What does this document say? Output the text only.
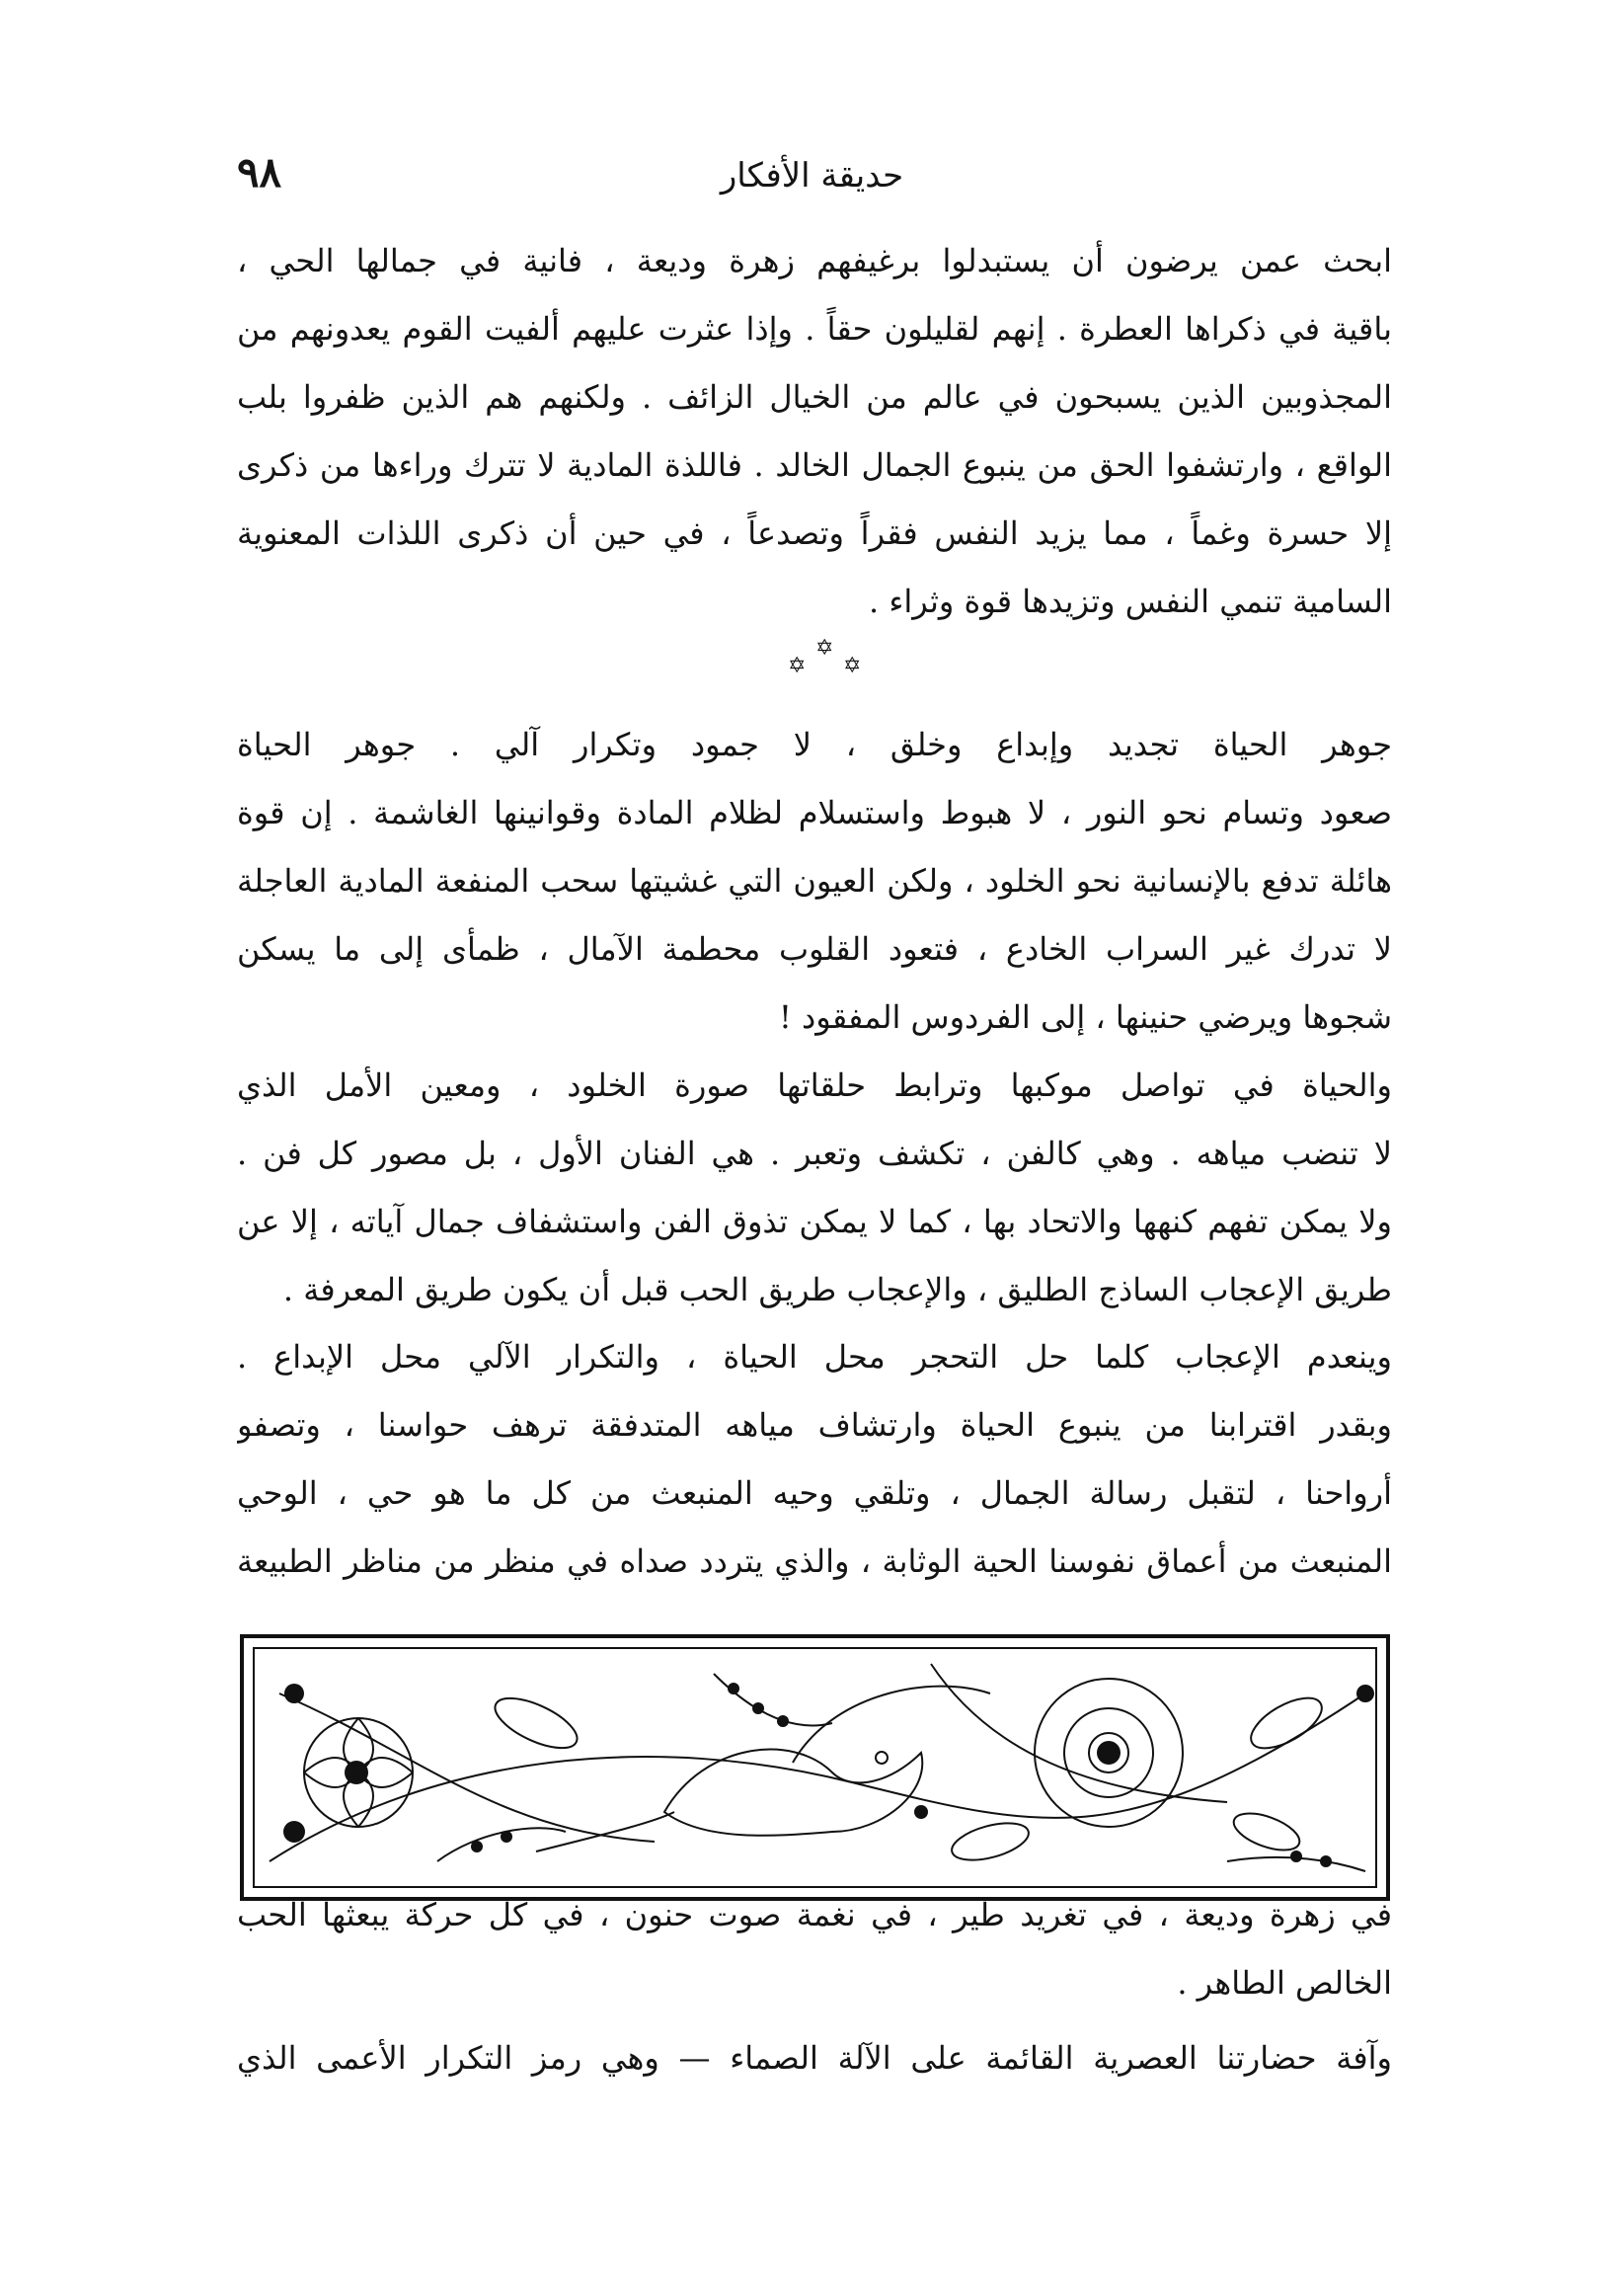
٩٨	حديقة الأفكار

ابحث عمن يرضون أن يستبدلوا برغيفهم زهرة وديعة ، فانية في جمالها الحي ،
باقية في ذكراها العطرة . إنهم لقليلون حقاً . وإذا عثرت عليهم ألفيت القوم يعدونهم من
المجذوبين الذين يسبحون في عالم من الخيال الزائف . ولكنهم هم الذين ظفروا بلب
الواقع ، وارتشفوا الحق من ينبوع الجمال الخالد . فاللذة المادية لا تترك وراءها من ذكرى
إلا حسرة وغماً ، مما يزيد النفس فقراً وتصدعاً ، في حين أن ذكرى اللذات المعنوية
السامية تنمي النفس وتزيدها قوة وثراء .

✡
✡
✡

جوهر الحياة تجديد وإبداع وخلق ، لا جمود وتكرار آلي . جوهر الحياة
صعود وتسام نحو النور ، لا هبوط واستسلام لظلام المادة وقوانينها الغاشمة . إن قوة
هائلة تدفع بالإنسانية نحو الخلود ، ولكن العيون التي غشيتها سحب المنفعة المادية العاجلة
لا تدرك غير السراب الخادع ، فتعود القلوب محطمة الآمال ، ظمأى إلى ما يسكن
شجوها ويرضي حنينها ، إلى الفردوس المفقود !

والحياة في تواصل موكبها وترابط حلقاتها صورة الخلود ، ومعين الأمل الذي
لا تنضب مياهه . وهي كالفن ، تكشف وتعبر . هي الفنان الأول ، بل مصور كل فن .
ولا يمكن تفهم كنهها والاتحاد بها ، كما لا يمكن تذوق الفن واستشفاف جمال آياته ، إلا عن
طريق الإعجاب الساذج الطليق ، والإعجاب طريق الحب قبل أن يكون طريق المعرفة .

وينعدم الإعجاب كلما حل التحجر محل الحياة ، والتكرار الآلي محل الإبداع .
وبقدر اقترابنا من ينبوع الحياة وارتشاف مياهه المتدفقة ترهف حواسنا ، وتصفو
أرواحنا ، لتقبل رسالة الجمال ، وتلقي وحيه المنبعث من كل ما هو حي ، الوحي
المنبعث من أعماق نفوسنا الحية الوثابة ، والذي يتردد صداه في منظر من مناظر الطبيعة

في زهرة وديعة ، في تغريد طير ، في نغمة صوت حنون ، في كل حركة يبعثها الحب
الخالص الطاهر .

وآفة حضارتنا العصرية القائمة على الآلة الصماء — وهي رمز التكرار الأعمى الذي
